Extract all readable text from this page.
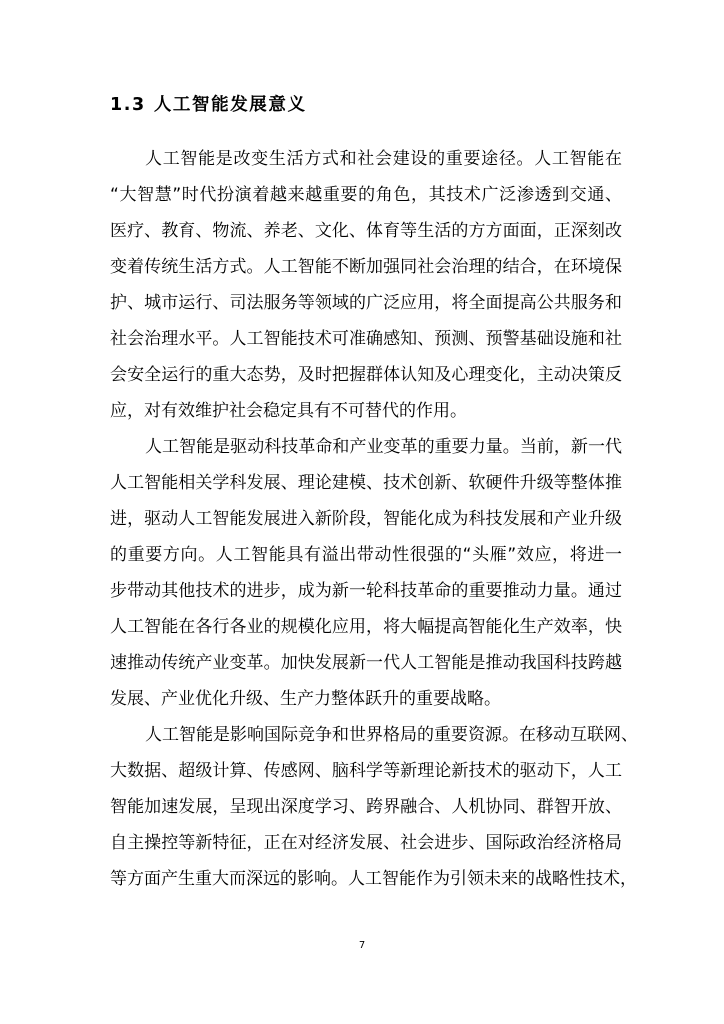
1.3 人工智能发展意义
人工智能是改变生活方式和社会建设的重要途径。人工智能在
“大智慧”时代扮演着越来越重要的角色，其技术广泛渗透到交通、
医疗、教育、物流、养老、文化、体育等生活的方方面面，正深刻改
变着传统生活方式。人工智能不断加强同社会治理的结合，在环境保
护、城市运行、司法服务等领域的广泛应用，将全面提高公共服务和
社会治理水平。人工智能技术可准确感知、预测、预警基础设施和社
会安全运行的重大态势，及时把握群体认知及心理变化，主动决策反
应，对有效维护社会稳定具有不可替代的作用。
人工智能是驱动科技革命和产业变革的重要力量。当前，新一代
人工智能相关学科发展、理论建模、技术创新、软硬件升级等整体推
进，驱动人工智能发展进入新阶段，智能化成为科技发展和产业升级
的重要方向。人工智能具有溢出带动性很强的“头雁”效应，将进一
步带动其他技术的进步，成为新一轮科技革命的重要推动力量。通过
人工智能在各行各业的规模化应用，将大幅提高智能化生产效率，快
速推动传统产业变革。加快发展新一代人工智能是推动我国科技跨越
发展、产业优化升级、生产力整体跃升的重要战略。
人工智能是影响国际竞争和世界格局的重要资源。在移动互联网、
大数据、超级计算、传感网、脑科学等新理论新技术的驱动下，人工
智能加速发展，呈现出深度学习、跨界融合、人机协同、群智开放、
自主操控等新特征，正在对经济发展、社会进步、国际政治经济格局
等方面产生重大而深远的影响。人工智能作为引领未来的战略性技术，
7
